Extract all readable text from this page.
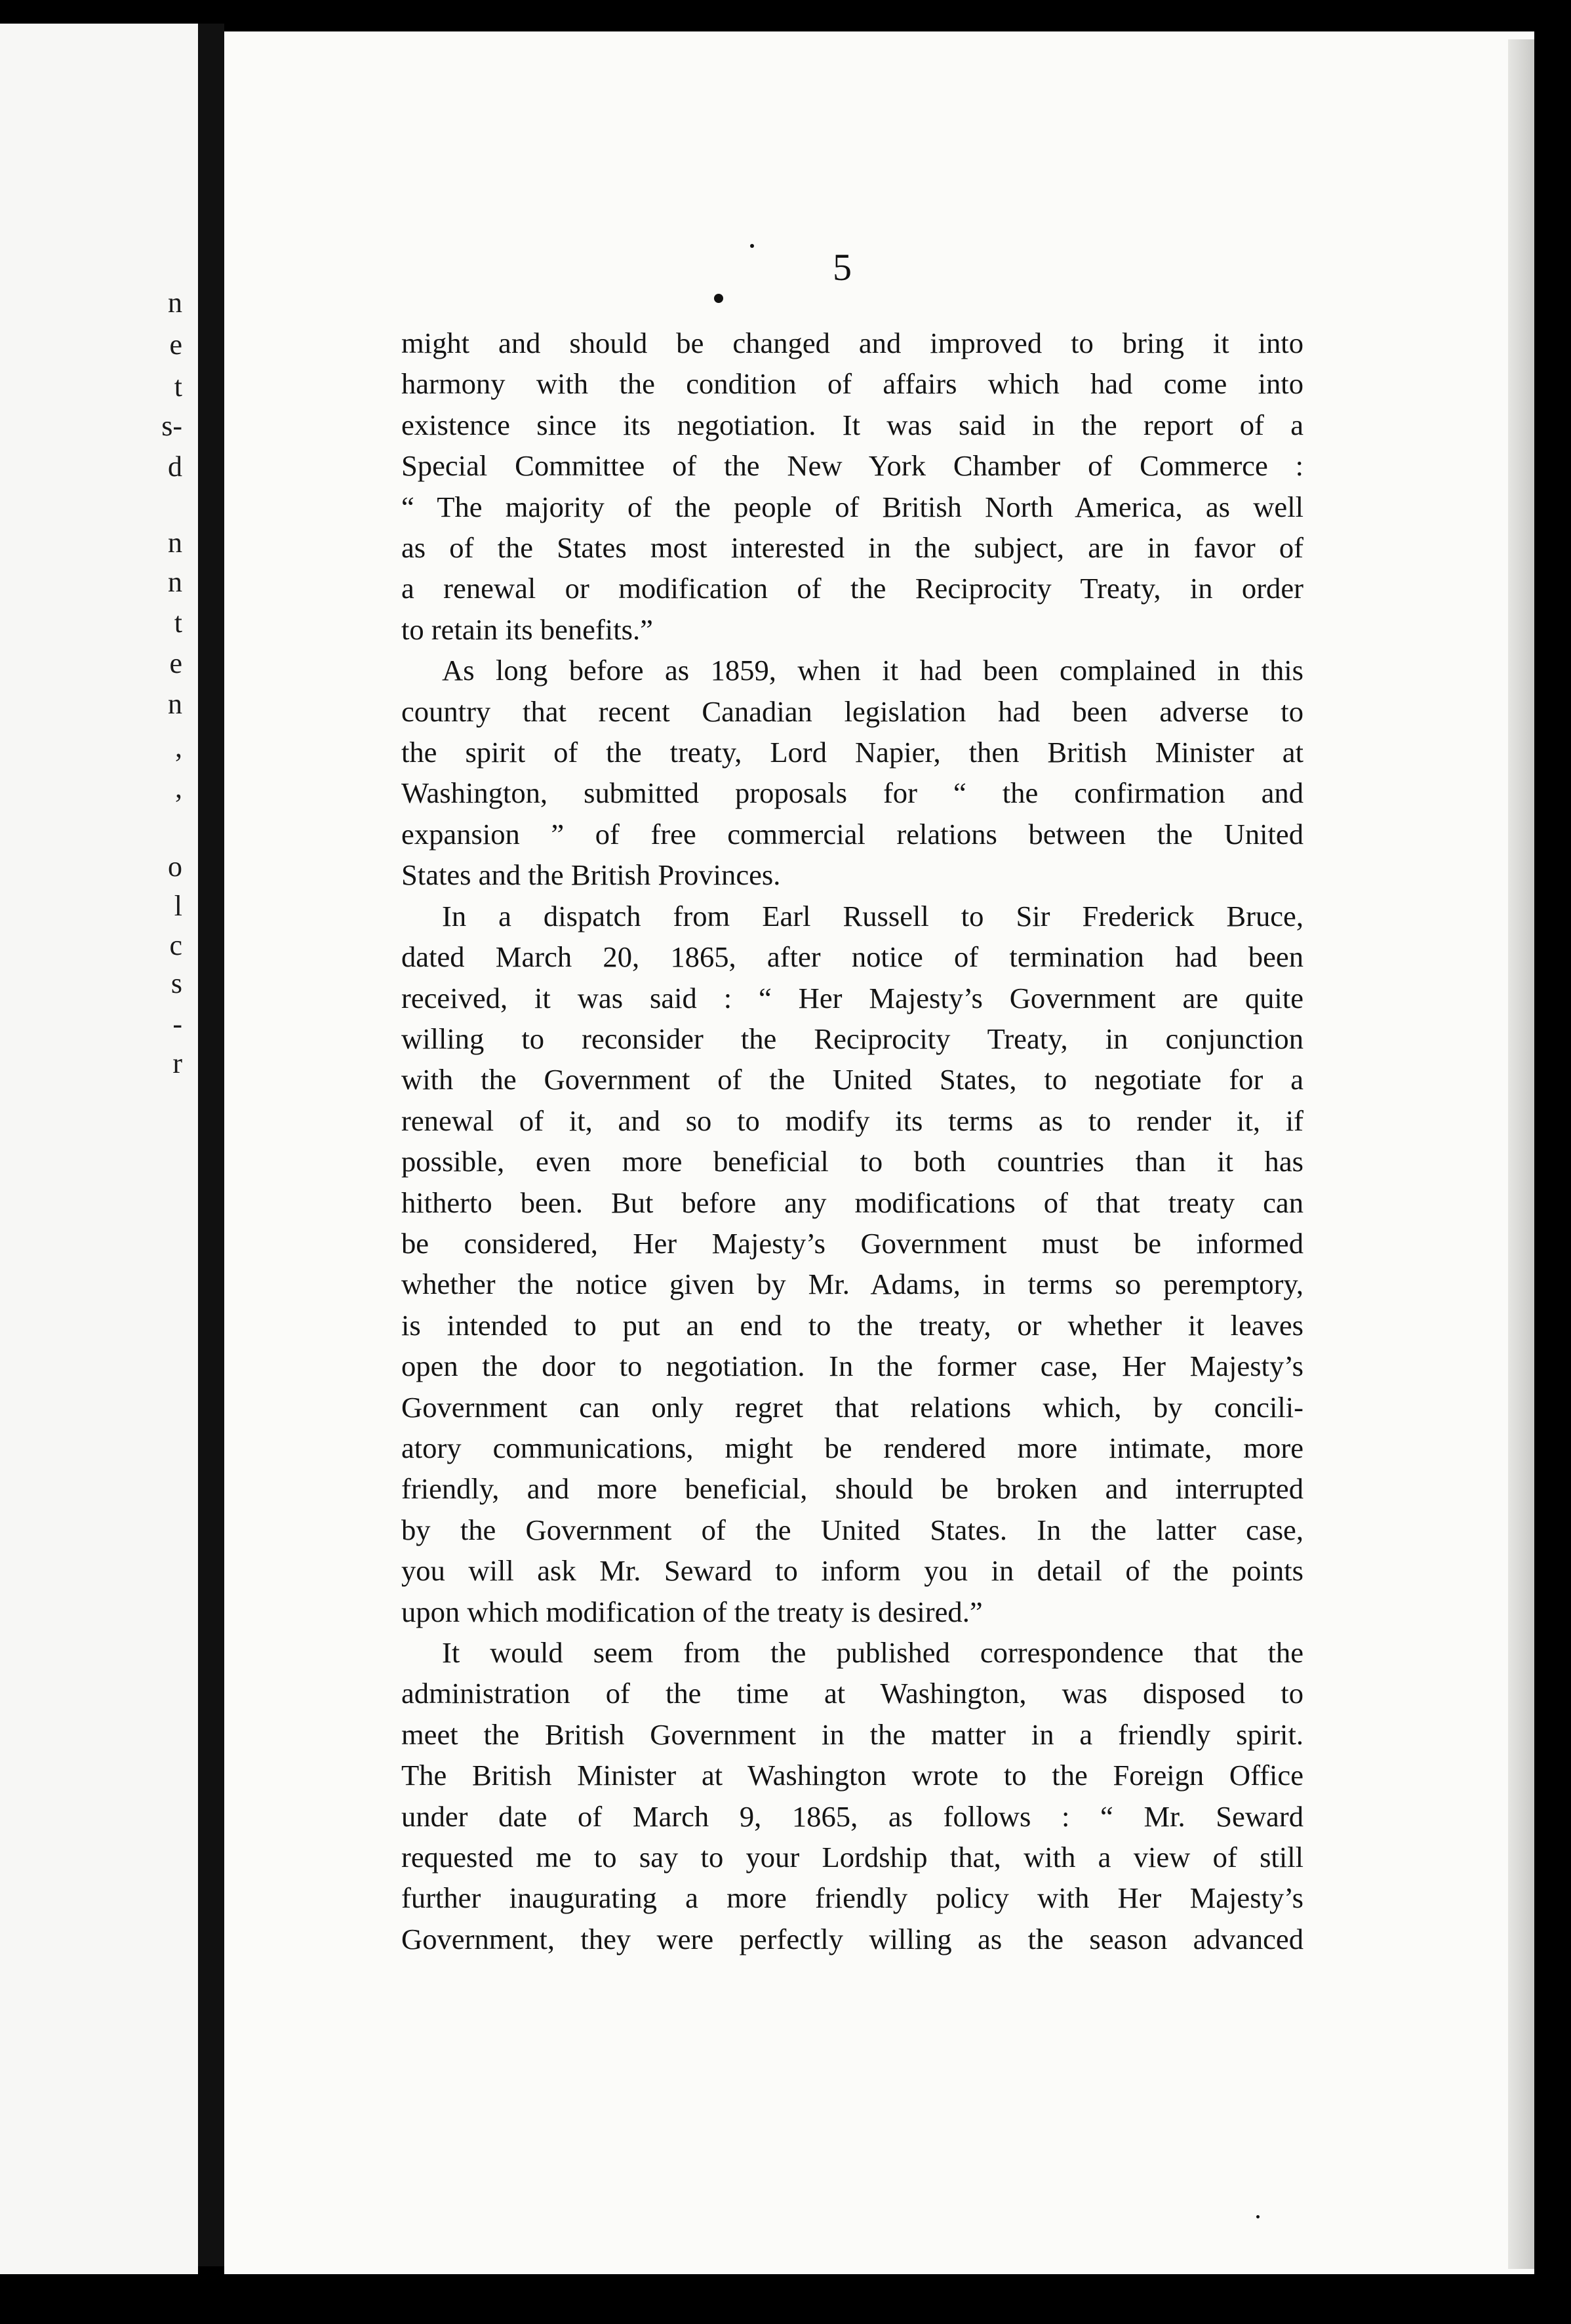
n
e
t
s-
d
n
n
t
e
n
,
,
o
l
c
s
-
r
5
might and should be changed and improved to bring it into
harmony with the condition of affairs which had come into
existence since its negotiation. It was said in the report of a
Special Committee of the New York Chamber of Commerce :
“ The majority of the people of British North America, as well
as of the States most interested in the subject, are in favor of
a renewal or modification of the Reciprocity Treaty, in order
to retain its benefits.”
As long before as 1859, when it had been complained in this
country that recent Canadian legislation had been adverse to
the spirit of the treaty, Lord Napier, then British Minister at
Washington, submitted proposals for “ the confirmation and
expansion ” of free commercial relations between the United
States and the British Provinces.
In a dispatch from Earl Russell to Sir Frederick Bruce,
dated March 20, 1865, after notice of termination had been
received, it was said : “ Her Majesty’s Government are quite
willing to reconsider the Reciprocity Treaty, in conjunction
with the Government of the United States, to negotiate for a
renewal of it, and so to modify its terms as to render it, if
possible, even more beneficial to both countries than it has
hitherto been. But before any modifications of that treaty can
be considered, Her Majesty’s Government must be informed
whether the notice given by Mr. Adams, in terms so peremptory,
is intended to put an end to the treaty, or whether it leaves
open the door to negotiation. In the former case, Her Majesty’s
Government can only regret that relations which, by concili-
atory communications, might be rendered more intimate, more
friendly, and more beneficial, should be broken and interrupted
by the Government of the United States. In the latter case,
you will ask Mr. Seward to inform you in detail of the points
upon which modification of the treaty is desired.”
It would seem from the published correspondence that the
administration of the time at Washington, was disposed to
meet the British Government in the matter in a friendly spirit.
The British Minister at Washington wrote to the Foreign Office
under date of March 9, 1865, as follows : “ Mr. Seward
requested me to say to your Lordship that, with a view of still
further inaugurating a more friendly policy with Her Majesty’s
Government, they were perfectly willing as the season advanced
